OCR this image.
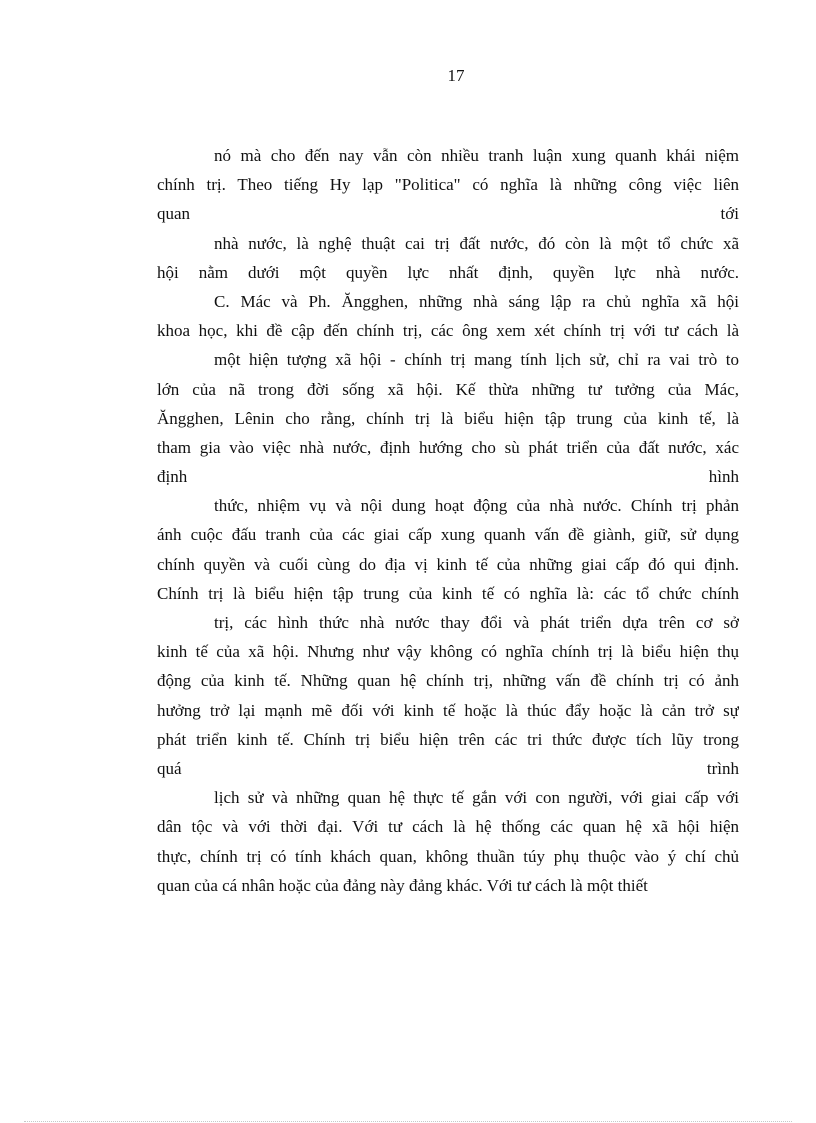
17
nó mà cho đến nay vẫn còn nhiều tranh luận xung quanh khái niệm
chính trị. Theo tiếng Hy lạp "Politica" có nghĩa là những công việc liên
quan tới
nhà nước, là nghệ thuật cai trị đất nước, đó còn là một tổ chức xã
hội nằm dưới một quyền lực nhất định, quyền lực nhà nước.
C. Mác và Ph. Ăngghen, những nhà sáng lập ra chủ nghĩa xã hội
khoa học, khi đề cập đến chính trị, các ông xem xét chính trị với tư cách là
một hiện tượng xã hội - chính trị mang tính lịch sử, chỉ ra vai trò to
lớn của nã trong đời sống xã hội. Kế thừa những tư tưởng của Mác,
Ăngghen, Lênin cho rằng, chính trị là biểu hiện tập trung của kinh tế, là
tham gia vào việc nhà nước, định hướng cho sù phát triển của đất nước, xác
định hình
thức, nhiệm vụ và nội dung hoạt động của nhà nước. Chính trị phản
ánh cuộc đấu tranh của các giai cấp xung quanh vấn đề giành, giữ, sử dụng
chính quyền và cuối cùng do địa vị kinh tế của những giai cấp đó qui định.
Chính trị là biểu hiện tập trung của kinh tế có nghĩa là: các tổ chức chính
trị, các hình thức nhà nước thay đổi và phát triển dựa trên cơ sở
kinh tế của xã hội. Nhưng như vậy không có nghĩa chính trị là biểu hiện thụ
động của kinh tế. Những quan hệ chính trị, những vấn đề chính trị có ảnh
hưởng trở lại mạnh mẽ đối với kinh tế hoặc là thúc đẩy hoặc là cản trở sự
phát triển kinh tế. Chính trị biểu hiện trên các tri thức được tích lũy trong
quá trình
lịch sử và những quan hệ thực tế gắn với con người, với giai cấp với
dân tộc và với thời đại. Với tư cách là hệ thống các quan hệ xã hội hiện
thực, chính trị có tính khách quan, không thuần túy phụ thuộc vào ý chí chủ
quan của cá nhân hoặc của đảng này đảng khác. Với tư cách là một thiết
